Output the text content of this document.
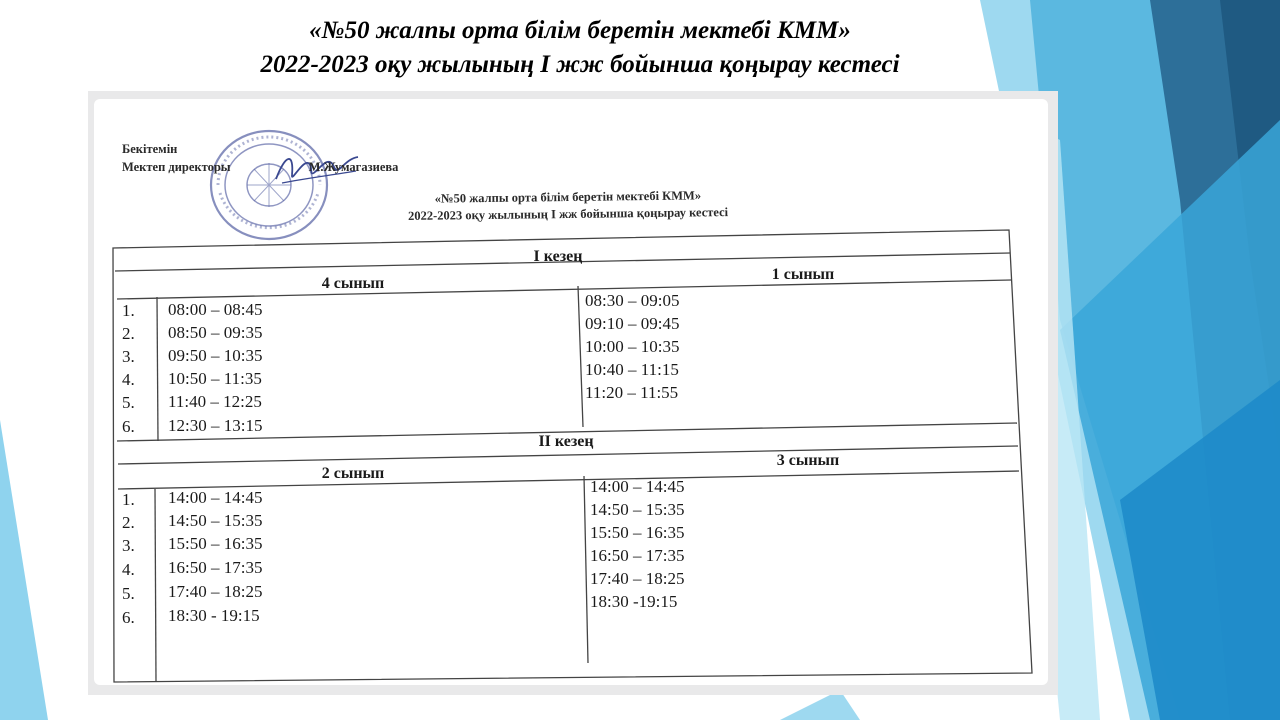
«№50 жалпы орта білім беретін мектебі КММ»
2022-2023 оқу жылының І жж бойынша қоңырау кестесі
Бекітемін
Мектеп директоры	М.Жумагазиева
«№50 жалпы орта білім беретін мектебі КММ»
2022-2023 оқу жылының І жж бойынша қоңырау кестесі
І кезең
4 сынып
1 сынып
1.
2.
3.
4.
5.
6.
08:00 – 08:45
08:50 – 09:35
09:50 – 10:35
10:50 – 11:35
11:40 – 12:25
12:30 – 13:15
08:30 – 09:05
09:10 – 09:45
10:00 – 10:35
10:40 – 11:15
11:20 – 11:55
ІІ кезең
2 сынып
3 сынып
1.
2.
3.
4.
5.
6.
14:00 – 14:45
14:50 – 15:35
15:50 – 16:35
16:50 – 17:35
17:40 – 18:25
18:30 - 19:15
14:00 – 14:45
14:50 – 15:35
15:50 – 16:35
16:50 – 17:35
17:40 – 18:25
18:30 -19:15
